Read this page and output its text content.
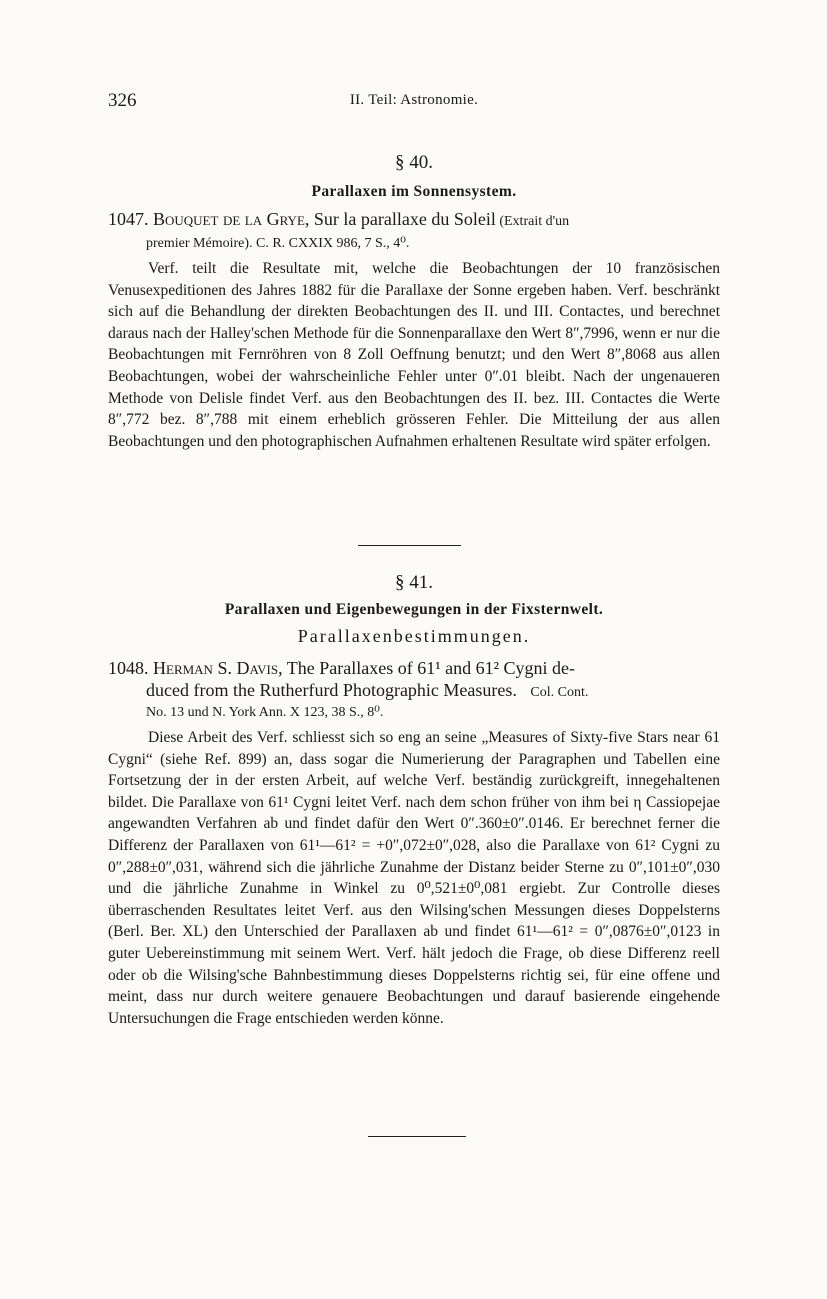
326	II. Teil: Astronomie.
§ 40.
Parallaxen im Sonnensystem.
1047. Bouquet de la Grye, Sur la parallaxe du Soleil (Extrait d'un
premier Mémoire). C. R. CXXIX 986, 7 S., 4⁰.

Verf. teilt die Resultate mit, welche die Beobachtungen der 10 französischen Venusexpeditionen des Jahres 1882 für die Parallaxe der Sonne ergeben haben. Verf. beschränkt sich auf die Behandlung der direkten Beobachtungen des II. und III. Contactes, und berechnet daraus nach der Halley'schen Methode für die Sonnenparallaxe den Wert 8″,7996, wenn er nur die Beobachtungen mit Fernröhren von 8 Zoll Oeffnung benutzt; und den Wert 8″,8068 aus allen Beobachtungen, wobei der wahrscheinliche Fehler unter 0″.01 bleibt. Nach der ungenaueren Methode von Delisle findet Verf. aus den Beobachtungen des II. bez. III. Contactes die Werte 8″,772 bez. 8″,788 mit einem erheblich grösseren Fehler. Die Mitteilung der aus allen Beobachtungen und den photographischen Aufnahmen erhaltenen Resultate wird später erfolgen.

§ 41.
Parallaxen und Eigenbewegungen in der Fixsternwelt.
Parallaxenbestimmungen.
1048. Herman S. Davis, The Parallaxes of 61¹ and 61² Cygni de-
duced from the Rutherfurd Photographic Measures. Col. Cont.
No. 13 und N. York Ann. X 123, 38 S., 8⁰.

Diese Arbeit des Verf. schliesst sich so eng an seine „Measures of Sixty-five Stars near 61 Cygni“ (siehe Ref. 899) an, dass sogar die Numerierung der Paragraphen und Tabellen eine Fortsetzung der in der ersten Arbeit, auf welche Verf. beständig zurückgreift, innegehaltenen bildet. Die Parallaxe von 61¹ Cygni leitet Verf. nach dem schon früher von ihm bei η Cassiopejae angewandten Verfahren ab und findet dafür den Wert 0″.360±0″.0146. Er berechnet ferner die Differenz der Parallaxen von 61¹—61² = +0″,072±0″,028, also die Parallaxe von 61² Cygni zu 0″,288±0″,031, während sich die jährliche Zunahme der Distanz beider Sterne zu 0″,101±0″,030 und die jährliche Zunahme in Winkel zu 0⁰,521±0⁰,081 ergiebt. Zur Controlle dieses überraschenden Resultates leitet Verf. aus den Wilsing'schen Messungen dieses Doppelsterns (Berl. Ber. XL) den Unterschied der Parallaxen ab und findet 61¹—61² = 0″,0876±0″,0123 in guter Uebereinstimmung mit seinem Wert. Verf. hält jedoch die Frage, ob diese Differenz reell oder ob die Wilsing'sche Bahnbestimmung dieses Doppelsterns richtig sei, für eine offene und meint, dass nur durch weitere genauere Beobachtungen und darauf basierende eingehende Untersuchungen die Frage entschieden werden könne.
